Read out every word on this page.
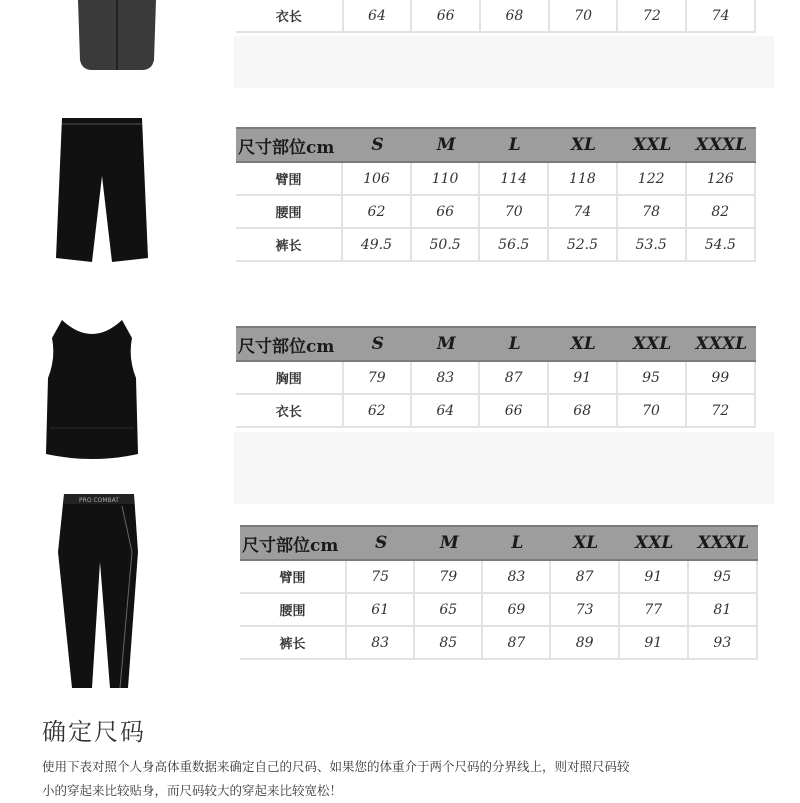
衣长	64	66	68	70	72	74
尺寸部位cm	S	M	L	XL	XXL	XXXL
臂围	106	110	114	118	122	126
腰围	62	66	70	74	78	82
裤长	49.5	50.5	56.5	52.5	53.5	54.5
尺寸部位cm	S	M	L	XL	XXL	XXXL
胸围	79	83	87	91	95	99
衣长	62	64	66	68	70	72
PRO COMBAT
尺寸部位cm	S	M	L	XL	XXL	XXXL
臂围	75	79	83	87	91	95
腰围	61	65	69	73	77	81
裤长	83	85	87	89	91	93
确定尺码
使用下表对照个人身高体重数据来确定自己的尺码、如果您的体重介于两个尺码的分界线上，则对照尺码较
小的穿起来比较贴身，而尺码较大的穿起来比较宽松！
